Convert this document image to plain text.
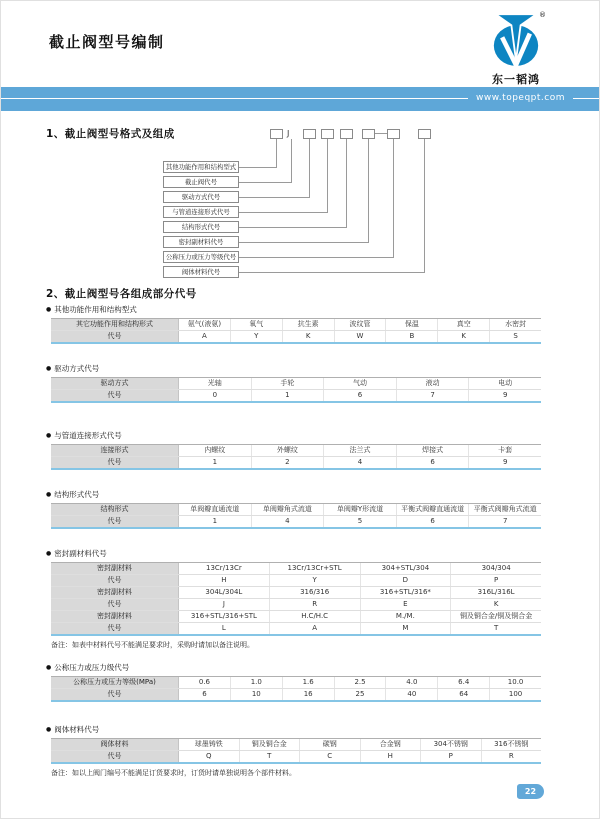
截止阀型号编制
®
东一韬鸿
www.topeqpt.com
1、截止阀型号格式及组成
其他功能作用和结构型式
J
截止阀代号
驱动方式代号
与管道连接形式代号
结构形式代号
密封副材料代号
公称压力或压力等级代号
阀体材料代号
2、截止阀型号各组成部分代号
● 其他功能作用和结构型式
其它功能作用和结构形式	氨气(液氨)	氧气	抗生素	波纹管	保温	真空	水密封
代号	A	Y	K	W	B	K	S
● 驱动方式代号
驱动方式	光轴	手轮	气动	液动	电动
代号	0	1	6	7	9
● 与管道连接形式代号
连接形式	内螺纹	外螺纹	法兰式	焊接式	卡套
代号	1	2	4	6	9
● 结构形式代号
结构形式	单阀瓣直通流道	单阀瓣角式流道	单阀瓣Y形流道	平衡式阀瓣直通流道	平衡式阀瓣角式流道
代号	1	4	5	6	7
● 密封副材料代号
密封副材料	13Cr/13Cr	13Cr/13Cr+STL	304+STL/304	304/304
代号	H	Y	D	P
密封副材料	304L/304L	316/316	316+STL/316*	316L/316L
代号	J	R	E	K
密封副材料	316+STL/316+STL	H.C/H.C	M./M.	铜及铜合金/铜及铜合金
代号	L	A	M	T
备注：如表中材料代号不能满足要求时，采购时请加以备注说明。
● 公称压力或压力级代号
公称压力或压力等级(MPa)	0.6	1.0	1.6	2.5	4.0	6.4	10.0
代号	6	10	16	25	40	64	100
● 阀体材料代号
阀体材料	球墨铸铁	铜及铜合金	碳钢	合金钢	304不锈钢	316不锈钢
代号	Q	T	C	H	P	R
备注：如以上阀门编号不能满足订货要求时，订货时请单独说明各个部件材料。
22
